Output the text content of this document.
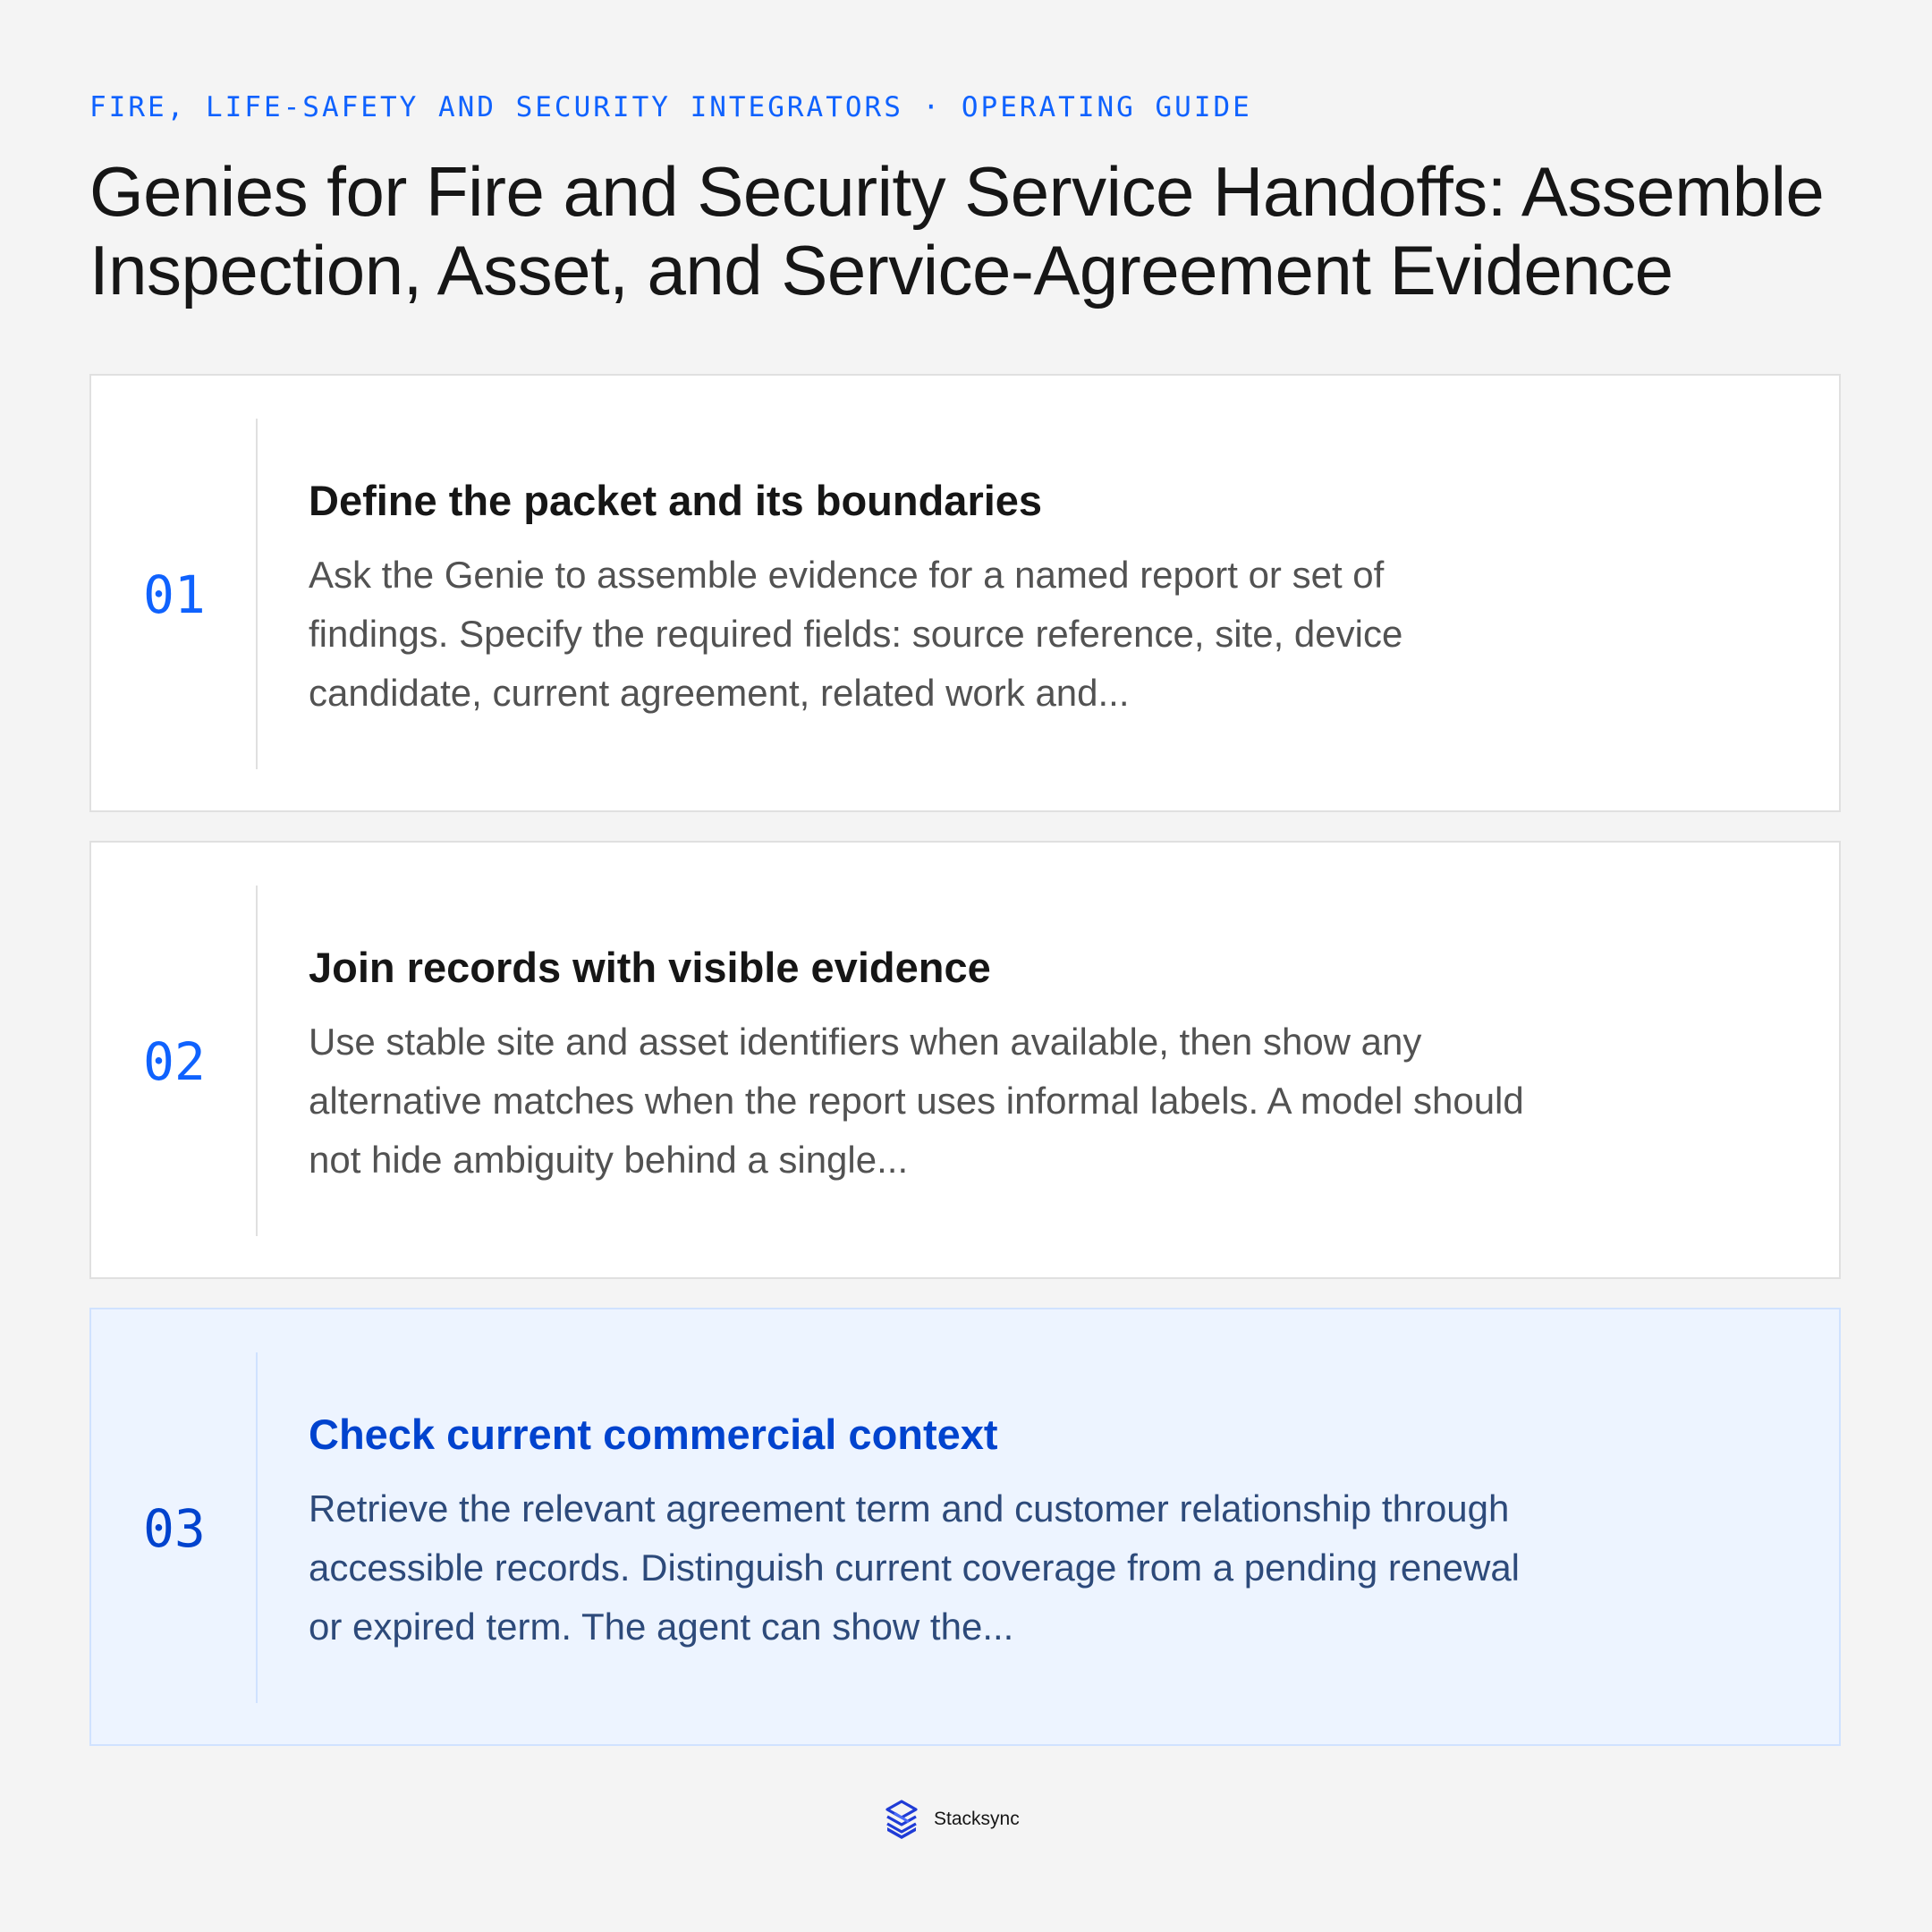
FIRE, LIFE-SAFETY AND SECURITY INTEGRATORS · OPERATING GUIDE
Genies for Fire and Security Service Handoffs: Assemble Inspection, Asset, and Service-Agreement Evidence
01
Define the packet and its boundaries
Ask the Genie to assemble evidence for a named report or set of findings. Specify the required fields: source reference, site, device candidate, current agreement, related work and...
02
Join records with visible evidence
Use stable site and asset identifiers when available, then show any alternative matches when the report uses informal labels. A model should not hide ambiguity behind a single...
03
Check current commercial context
Retrieve the relevant agreement term and customer relationship through accessible records. Distinguish current coverage from a pending renewal or expired term. The agent can show the...
Stacksync
